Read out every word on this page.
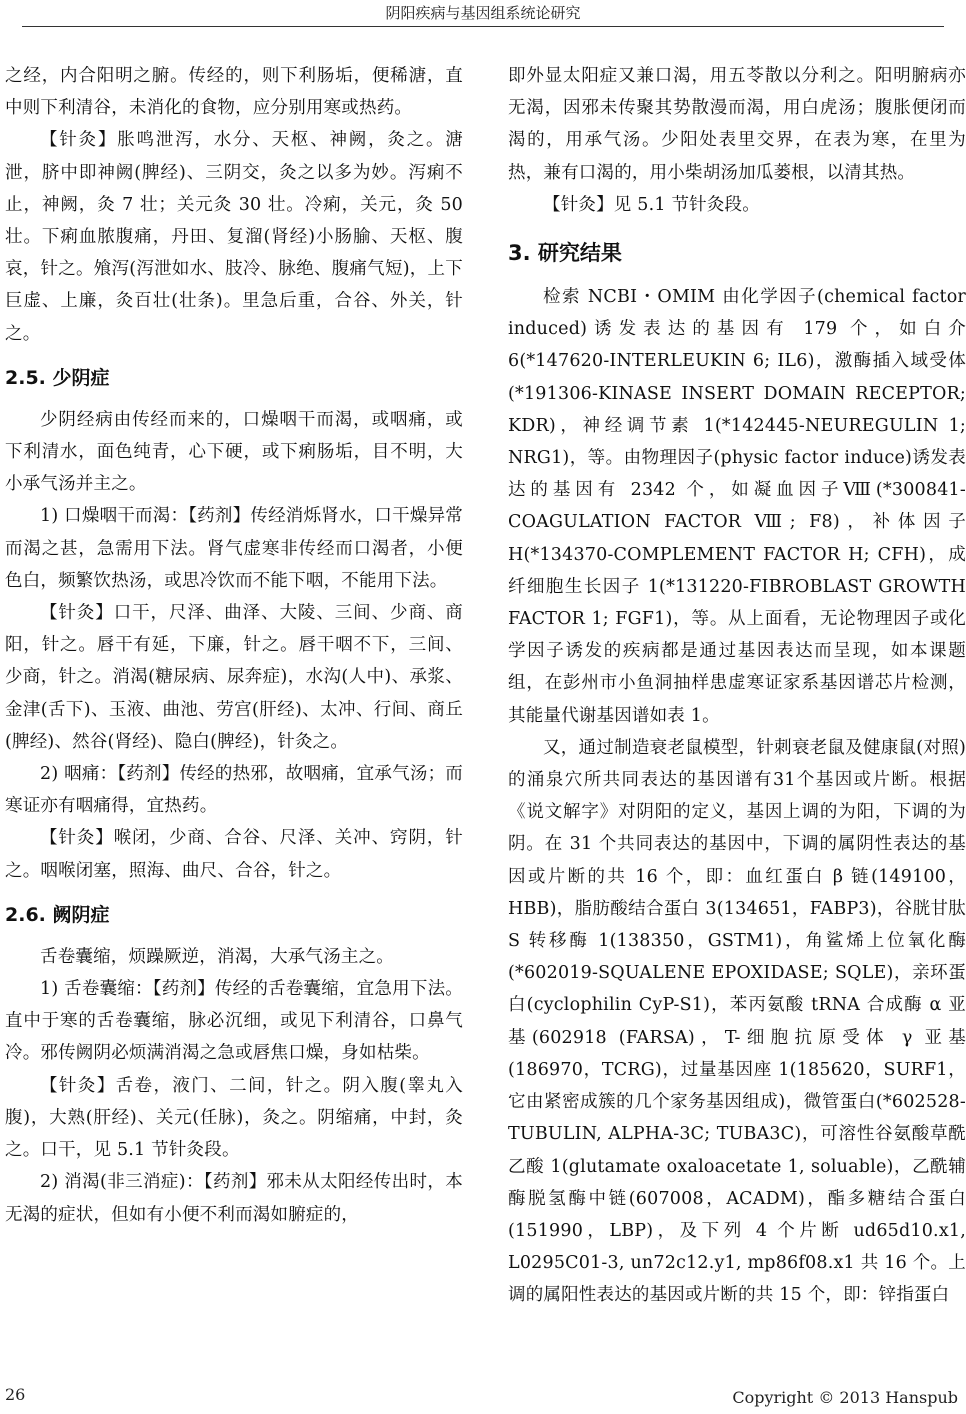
阴阳疾病与基因组系统论研究

之经，内合阳明之腑。传经的，则下利肠垢，便稀溏，直中则下利清谷，未消化的食物，应分别用寒或热药。

【针灸】胀鸣泄泻，水分、天枢、神阙，灸之。溏泄，脐中即神阙(脾经)、三阴交，灸之以多为妙。泻痢不止，神阙，灸 7 壮；关元灸 30 壮。冷痢，关元，灸 50 壮。下痢血脓腹痛，丹田、复溜(肾经)小肠腧、天枢、腹哀，针之。飧泻(泻泄如水、肢冷、脉绝、腹痛气短)，上下巨虚、上廉，灸百壮(壮条)。里急后重，合谷、外关，针之。

2.5. 少阴症

少阴经病由传经而来的，口燥咽干而渴，或咽痛，或下利清水，面色纯青，心下硬，或下痢肠垢，目不明，大小承气汤并主之。

1) 口燥咽干而渴：【药剂】传经消烁肾水，口干燥异常而渴之甚，急需用下法。肾气虚寒非传经而口渴者，小便色白，频繁饮热汤，或思冷饮而不能下咽，不能用下法。

【针灸】口干，尺泽、曲泽、大陵、三间、少商、商阳，针之。唇干有延，下廉，针之。唇干咽不下，三间、少商，针之。消渴(糖尿病、尿奔症)，水沟(人中)、承浆、金津(舌下)、玉液、曲池、劳宫(肝经)、太冲、行间、商丘(脾经)、然谷(肾经)、隐白(脾经)，针灸之。

2) 咽痛：【药剂】传经的热邪，故咽痛，宜承气汤；而寒证亦有咽痛得，宜热药。

【针灸】喉闭，少商、合谷、尺泽、关冲、窍阴，针之。咽喉闭塞，照海、曲尺、合谷，针之。

2.6. 阙阴症

舌卷囊缩，烦躁厥逆，消渴，大承气汤主之。

1) 舌卷囊缩：【药剂】传经的舌卷囊缩，宜急用下法。直中于寒的舌卷囊缩，脉必沉细，或见下利清谷，口鼻气冷。邪传阙阴必烦满消渴之急或唇焦口燥，身如枯柴。

【针灸】舌卷，液门、二间，针之。阴入腹(睾丸入腹)，大熟(肝经)、关元(任脉)，灸之。阴缩痛，中封，灸之。口干，见 5.1 节针灸段。

2) 消渴(非三消症)：【药剂】邪未从太阳经传出时，本无渴的症状，但如有小便不利而渴如腑症的，

即外显太阳症又兼口渴，用五苓散以分利之。阳明腑病亦无渴，因邪未传聚其势散漫而渴，用白虎汤；腹胀便闭而渴的，用承气汤。少阳处表里交界，在表为寒，在里为热，兼有口渴的，用小柴胡汤加瓜蒌根，以清其热。

【针灸】见 5.1 节针灸段。

3. 研究结果

检索 NCBI・OMIM 由化学因子(chemical factor induced)诱发表达的基因有 179 个，如白介 6(*147620-INTERLEUKIN 6; IL6)，激酶插入域受体(*191306-KINASE INSERT DOMAIN RECEPTOR; KDR)，神经调节素 1(*142445-NEUREGULIN 1; NRG1)，等。由物理因子(physic factor induce)诱发表达的基因有 2342 个，如凝血因子Ⅷ(*300841-COAGULATION FACTOR Ⅷ; F8)，补体因子 H(*134370-COMPLEMENT FACTOR H; CFH)，成纤细胞生长因子 1(*131220-FIBROBLAST GROWTH FACTOR 1; FGF1)，等。从上面看，无论物理因子或化学因子诱发的疾病都是通过基因表达而呈现，如本课题组，在彭州市小鱼洞抽样患虚寒证家系基因谱芯片检测，其能量代谢基因谱如表 1。

又，通过制造衰老鼠模型，针刺衰老鼠及健康鼠(对照)的涌泉穴所共同表达的基因谱有31个基因或片断。根据《说文解字》对阴阳的定义，基因上调的为阳，下调的为阴。在 31 个共同表达的基因中，下调的属阴性表达的基因或片断的共 16 个，即：血红蛋白 β 链(149100，HBB)，脂肪酸结合蛋白 3(134651，FABP3)，谷胱甘肽 S 转移酶 1(138350，GSTM1)，角鲨烯上位氧化酶(*602019-SQUALENE EPOXIDASE; SQLE)，亲环蛋白(cyclophilin CyP-S1)，苯丙氨酸 tRNA 合成酶 α 亚基(602918 (FARSA)，T-细胞抗原受体 γ 亚基(186970，TCRG)，过量基因座 1(185620，SURF1，它由紧密成簇的几个家务基因组成)，微管蛋白(*602528-TUBULIN, ALPHA-3C; TUBA3C)，可溶性谷氨酸草酰乙酸 1(glutamate oxaloacetate 1, soluable)，乙酰辅酶脱氢酶中链(607008，ACADM)，酯多糖结合蛋白(151990，LBP)，及下列 4 个片断 ud65d10.x1, L0295C01-3, un72c12.y1, mp86f08.x1 共 16 个。上调的属阳性表达的基因或片断的共 15 个，即：锌指蛋白

26	Copyright © 2013 Hanspub
